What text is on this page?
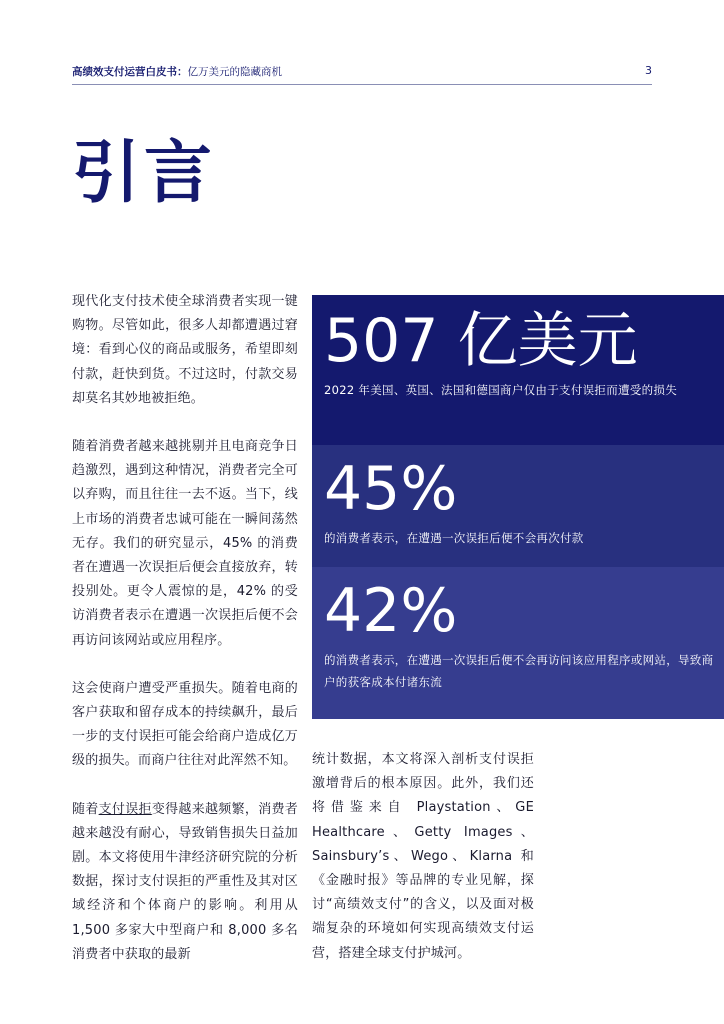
高绩效支付运营白皮书：亿万美元的隐藏商机	3
引言

现代化支付技术使全球消费者实现一键购物。尽管如此，很多人却都遭遇过窘境：看到心仪的商品或服务，希望即刻付款，赶快到货。不过这时，付款交易却莫名其妙地被拒绝。

随着消费者越来越挑剔并且电商竞争日趋激烈，遇到这种情况，消费者完全可以弃购，而且往往一去不返。当下，线上市场的消费者忠诚可能在一瞬间荡然无存。我们的研究显示，45% 的消费者在遭遇一次误拒后便会直接放弃，转投别处。更令人震惊的是，42% 的受访消费者表示在遭遇一次误拒后便不会再访问该网站或应用程序。

这会使商户遭受严重损失。随着电商的客户获取和留存成本的持续飙升，最后一步的支付误拒可能会给商户造成亿万级的损失。而商户往往对此浑然不知。

随着支付误拒变得越来越频繁，消费者越来越没有耐心，导致销售损失日益加剧。本文将使用牛津经济研究院的分析数据，探讨支付误拒的严重性及其对区域经济和个体商户的影响。利用从 1,500 多家大中型商户和 8,000 多名消费者中获取的最新

507 亿美元
2022 年美国、英国、法国和德国商户仅由于支付误拒而遭受的损失
45%
的消费者表示，在遭遇一次误拒后便不会再次付款
42%
的消费者表示，在遭遇一次误拒后便不会再访问该应用程序或网站，导致商户的获客成本付诸东流

统计数据，本文将深入剖析支付误拒激增背后的根本原因。此外，我们还将借鉴来自 Playstation、GE Healthcare、Getty Images、Sainsbury’s、Wego、Klarna 和《金融时报》等品牌的专业见解，探讨“高绩效支付”的含义，以及面对极端复杂的环境如何实现高绩效支付运营，搭建全球支付护城河。
